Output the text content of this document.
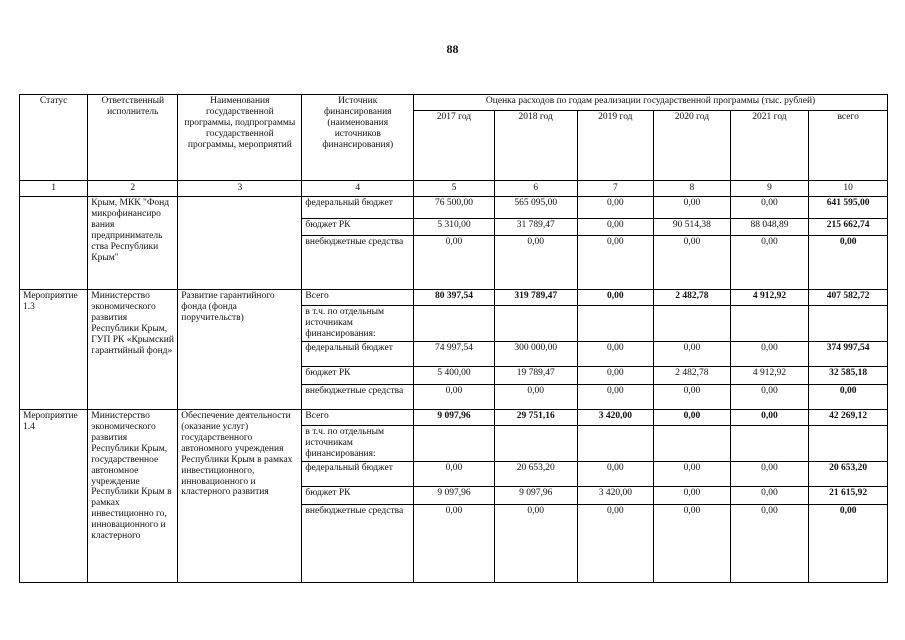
88
Статус	Ответственный исполнитель	Наименования государственной программы, подпрограммы государственной программы, мероприятий	Источник финансирования (наименования источников финансирования)	Оценка расходов по годам реализации государственной программы (тыс. рублей)					
				2017 год	2018 год	2019 год	2020 год	2021 год	всего
1	2	3	4	5	6	7	8	9	10
	Крым, МКК "Фонд микрофинансиро вания предприниматель ства Республики Крым"		федеральный бюджет	76 500,00	565 095,00	0,00	0,00	0,00	641 595,00
			бюджет РК	5 310,00	31 789,47	0,00	90 514,38	88 048,89	215 662,74
			внебюджетные средства	0,00	0,00	0,00	0,00	0,00	0,00
Мероприятие 1.3	Министерство экономического развития Республики Крым, ГУП РК «Крымский гарантийный фонд»	Развитие гарантийного фонда (фонда поручительств)	Всего	80 397,54	319 789,47	0,00	2 482,78	4 912,92	407 582,72
			в т.ч. по отдельным источникам финансирования:						
			федеральный бюджет	74 997,54	300 000,00	0,00	0,00	0,00	374 997,54
			бюджет РК	5 400,00	19 789,47	0,00	2 482,78	4 912,92	32 585,18
			внебюджетные средства	0,00	0,00	0,00	0,00	0,00	0,00
Мероприятие 1.4	Министерство экономического развития Республики Крым, государственное автономное учреждение Республики Крым в рамках инвестиционно го, инновационного и кластерного	Обеспечение деятельности (оказание услуг) государственного автономного учреждения Республики Крым в рамках инвестиционного, инновационного и кластерного развития	Всего	9 097,96	29 751,16	3 420,00	0,00	0,00	42 269,12
			в т.ч. по отдельным источникам финансирования:						
			федеральный бюджет	0,00	20 653,20	0,00	0,00	0,00	20 653,20
			бюджет РК	9 097,96	9 097,96	3 420,00	0,00	0,00	21 615,92
			внебюджетные средства	0,00	0,00	0,00	0,00	0,00	0,00
